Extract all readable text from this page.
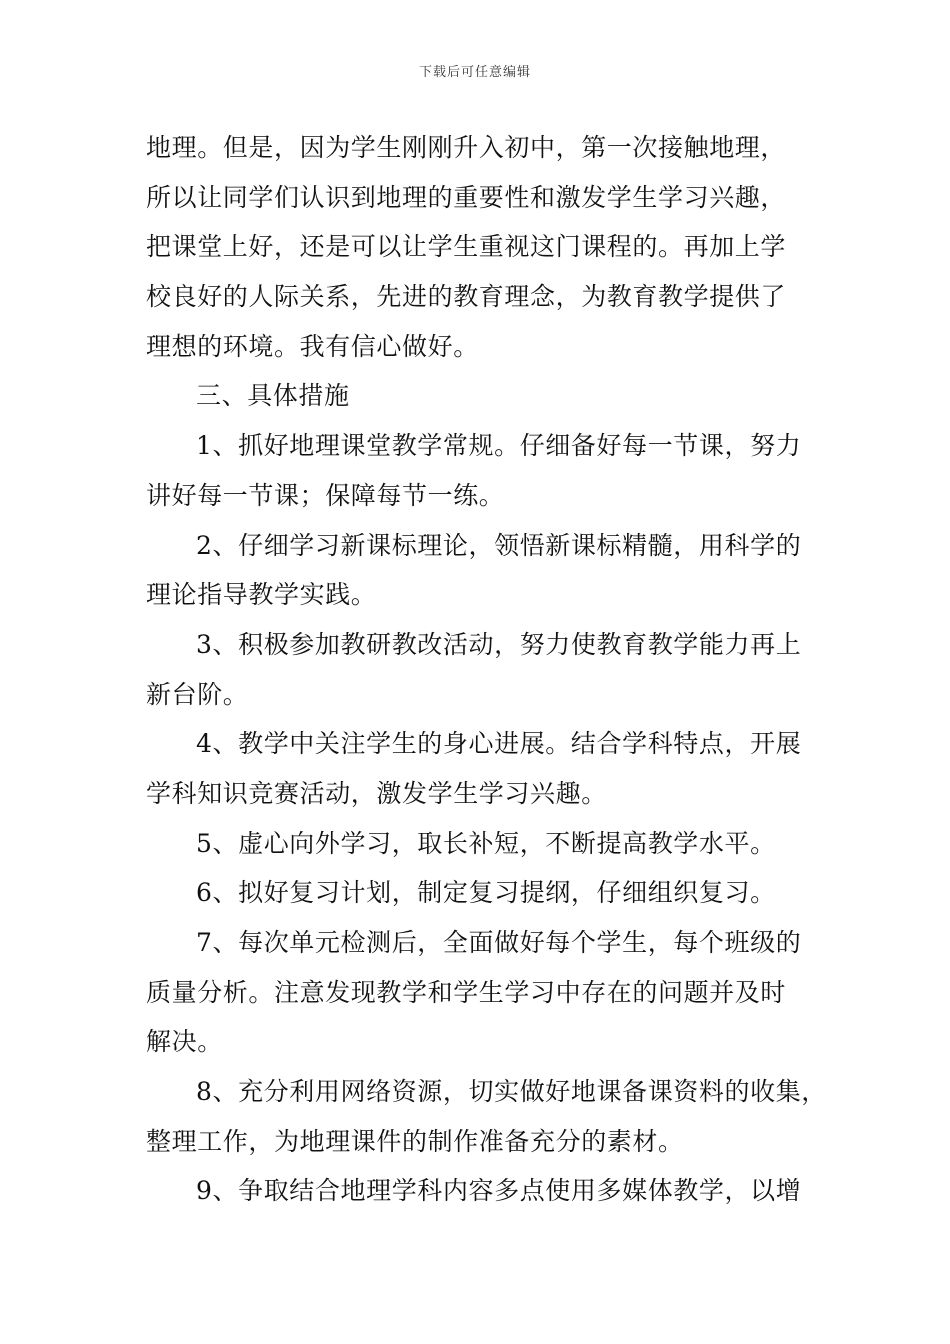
下载后可任意编辑

地理。但是，因为学生刚刚升入初中，第一次接触地理，
所以让同学们认识到地理的重要性和激发学生学习兴趣，
把课堂上好，还是可以让学生重视这门课程的。再加上学
校良好的人际关系，先进的教育理念，为教育教学提供了
理想的环境。我有信心做好。

三、具体措施

1、抓好地理课堂教学常规。仔细备好每一节课，努力
讲好每一节课；保障每节一练。

2、仔细学习新课标理论，领悟新课标精髓，用科学的
理论指导教学实践。

3、积极参加教研教改活动，努力使教育教学能力再上
新台阶。

4、教学中关注学生的身心进展。结合学科特点，开展
学科知识竞赛活动，激发学生学习兴趣。

5、虚心向外学习，取长补短，不断提高教学水平。

6、拟好复习计划，制定复习提纲，仔细组织复习。

7、每次单元检测后，全面做好每个学生，每个班级的
质量分析。注意发现教学和学生学习中存在的问题并及时
解决。

8、充分利用网络资源，切实做好地课备课资料的收集，
整理工作，为地理课件的制作准备充分的素材。

9、争取结合地理学科内容多点使用多媒体教学，以增
